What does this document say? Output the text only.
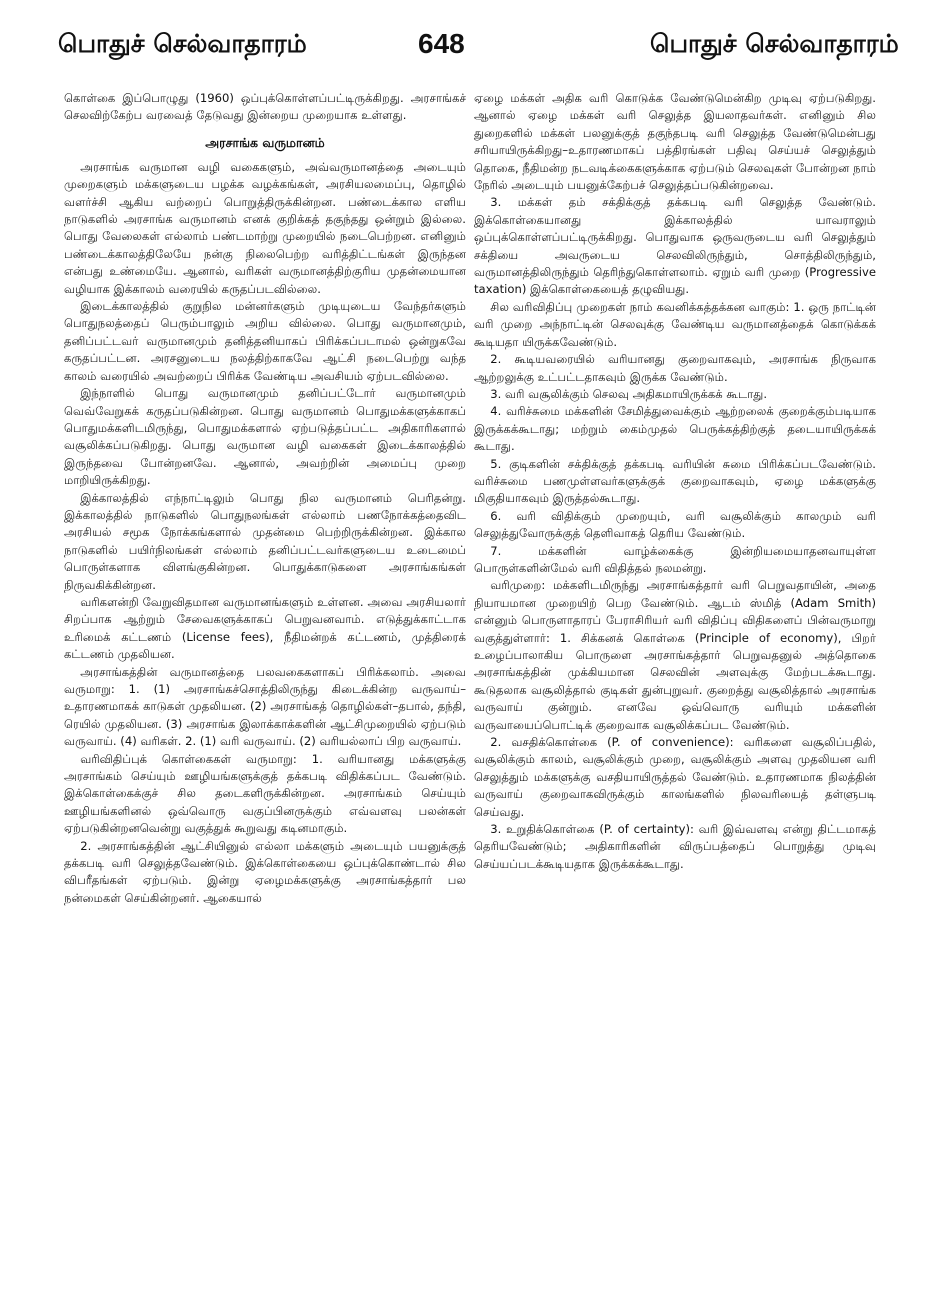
பொதுச் செல்வாதாரம்	648	பொதுச் செல்வாதாரம்

கொள்கை இப்பொழுது (1960) ஒப்புக்கொள்ளப்பட்டிருக்கிறது. அரசாங்கச் செலவிற்கேற்ப வரவைத் தேடுவது இன்றைய முறையாக உள்ளது.

அரசாங்க வருமானம்

அரசாங்க வருமான வழி வகைகளும், அவ்வருமானத்தை அடையும் முறைகளும் மக்களுடைய பழக்க வழக்கங்கள், அரசியலமைப்பு, தொழில் வளர்ச்சி ஆகிய வற்றைப் பொறுத்திருக்கின்றன. பண்டைக்கால எளிய நாடுகளில் அரசாங்க வருமானம் எனக் குறிக்கத் தகுந்தது ஒன்றும் இல்லை. பொது வேலைகள் எல்லாம் பண்டமாற்று முறையில் நடைபெற்றன. எனினும் பண்டைக்காலத்திலேயே நன்கு நிலைபெற்ற வரித்திட்டங்கள் இருந்தன என்பது உண்மையே. ஆனால், வரிகள் வருமானத்திற்குரிய முதன்மையான வழியாக இக்காலம் வரையில் கருதப்படவில்லை.

இடைக்காலத்தில் குறுநில மன்னர்களும் முடியுடைய வேந்தர்களும் பொதுநலத்தைப் பெரும்பாலும் அறிய வில்லை. பொது வருமானமும், தனிப்பட்டவர் வருமானமும் தனித்தனியாகப் பிரிக்கப்படாமல் ஒன்றுகவே கருதப்பட்டன. அரசனுடைய நலத்திற்காகவே ஆட்சி நடைபெற்று வந்த காலம் வரையில் அவற்றைப் பிரிக்க வேண்டிய அவசியம் ஏற்படவில்லை.

இந்நாளில் பொது வருமானமும் தனிப்பட்டோர் வருமானமும் வெவ்வேறுகக் கருதப்படுகின்றன. பொது வருமானம் பொதுமக்களுக்காகப் பொதுமக்களிடமிருந்து, பொதுமக்களால் ஏற்படுத்தப்பட்ட அதிகாரிகளால் வசூலிக்கப்படுகிறது. பொது வருமான வழி வகைகள் இடைக்காலத்தில் இருந்தவை போன்றனவே. ஆனால், அவற்றின் அமைப்பு முறை மாறியிருக்கிறது.

இக்காலத்தில் எந்நாட்டிலும் பொது நில வருமானம் பெரிதன்று. இக்காலத்தில் நாடுகளில் பொதுநலங்கள் எல்லாம் பணநோக்கத்தைவிட அரசியல் சமூக நோக்கங்களால் முதன்மை பெற்றிருக்கின்றன. இக்கால நாடுகளில் பயிர்நிலங்கள் எல்லாம் தனிப்பட்டவர்களுடைய உடைமைப் பொருள்களாக விளங்குகின்றன. பொதுக்காடுகளை அரசாங்கங்கள் நிருவகிக்கின்றன.

வரிகளன்றி வேறுவிதமான வருமானங்களும் உள்ளன. அவை அரசியலார் சிறப்பாக ஆற்றும் சேவைகளுக்காகப் பெறுவனவாம். எடுத்துக்காட்டாக உரிமைக் கட்டணம் (License fees), நீதிமன்றக் கட்டணம், முத்திரைக் கட்டணம் முதலியன.

அரசாங்கத்தின் வருமானத்தை பலவகைகளாகப் பிரிக்கலாம். அவை வருமாறு: 1. (1) அரசாங்கச்சொத்திலிருந்து கிடைக்கின்ற வருவாய்–உதாரணமாகக் காடுகள் முதலியன. (2) அரசாங்கத் தொழில்கள்–தபால், தந்தி, ரெயில் முதலியன. (3) அரசாங்க இலாக்காக்களின் ஆட்சிமுறையில் ஏற்படும் வருவாய். (4) வரிகள். 2. (1) வரி வருவாய். (2) வரியல்லாப் பிற வருவாய்.

வரிவிதிப்புக் கொள்கைகள் வருமாறு: 1. வரியானது மக்களுக்கு அரசாங்கம் செய்யும் ஊழியங்களுக்குத் தக்கபடி விதிக்கப்பட வேண்டும். இக்கொள்கைக்குச் சில தடைகளிருக்கின்றன. அரசாங்கம் செய்யும் ஊழியங்களினல் ஒவ்வொரு வகுப்பினருக்கும் எவ்வளவு பலன்கள் ஏற்படுகின்றனவென்று வகுத்துக் கூறுவது கடினமாகும்.

2. அரசாங்கத்தின் ஆட்சியினுல் எல்லா மக்களும் அடையும் பயனுக்குத் தக்கபடி வரி செலுத்தவேண்டும். இக்கொள்கையை ஒப்புக்கொண்டால் சில விபரீதங்கள் ஏற்படும். இன்று ஏழைமக்களுக்கு அரசாங்கத்தார் பல நன்மைகள் செய்கின்றனர். ஆகையால்

ஏழை மக்கள் அதிக வரி கொடுக்க வேண்டுமென்கிற முடிவு ஏற்படுகிறது. ஆனால் ஏழை மக்கள் வரி செலுத்த இயலாதவர்கள். எனினும் சில துறைகளில் மக்கள் பலனுக்குத் தகுந்தபடி வரி செலுத்த வேண்டுமென்பது சரியாயிருக்கிறது–உதாரணமாகப் பத்திரங்கள் பதிவு செய்யச் செலுத்தும் தொகை, நீதிமன்ற நடவடிக்கைகளுக்காக ஏற்படும் செலவுகள் போன்றன நாம் நேரில் அடையும் பயனுக்கேற்பச் செலுத்தப்படுகின்றவை.

3. மக்கள் தம் சக்திக்குத் தக்கபடி வரி செலுத்த வேண்டும். இக்கொள்கையானது இக்காலத்தில் யாவராலும் ஒப்புக்கொள்ளப்பட்டிருக்கிறது. பொதுவாக ஒருவருடைய வரி செலுத்தும் சக்தியை அவருடைய செலவிலிருந்தும், சொத்திலிருந்தும், வருமானத்திலிருந்தும் தெரிந்துகொள்ளலாம். ஏறும் வரி முறை (Progressive taxation) இக்கொள்கையைத் தழுவியது.

சில வரிவிதிப்பு முறைகள் நாம் கவனிக்கத்தக்கன வாகும்: 1. ஒரு நாட்டின் வரி முறை அந்நாட்டின் செலவுக்கு வேண்டிய வருமானத்தைக் கொடுக்கக் கூடியதா யிருக்கவேண்டும்.

2. கூடியவரையில் வரியானது குறைவாகவும், அரசாங்க நிருவாக ஆற்றலுக்கு உட்பட்டதாகவும் இருக்க வேண்டும்.

3. வரி வசூலிக்கும் செலவு அதிகமாயிருக்கக் கூடாது.

4. வரிச்சுமை மக்களின் சேமித்துவைக்கும் ஆற்றலைக் குறைக்கும்படியாக இருக்கக்கூடாது; மற்றும் கைம்முதல் பெருக்கத்திற்குத் தடையாயிருக்கக் கூடாது.

5. குடிகளின் சக்திக்குத் தக்கபடி வரியின் சுமை பிரிக்கப்படவேண்டும். வரிச்சுமை பணமுள்ளவர்களுக்குக் குறைவாகவும், ஏழை மக்களுக்கு மிகுதியாகவும் இருத்தல்கூடாது.

6. வரி விதிக்கும் முறையும், வரி வசூலிக்கும் காலமும் வரி செலுத்துவோருக்குத் தெளிவாகத் தெரிய வேண்டும்.

7. மக்களின் வாழ்க்கைக்கு இன்றியமையாதனவாயுள்ள பொருள்களின்மேல் வரி விதித்தல் நலமன்று.

வரிமுறை: மக்களிடமிருந்து அரசாங்கத்தார் வரி பெறுவதாயின், அதை நியாயமான முறையிற் பெற வேண்டும். ஆடம் ஸ்மித் (Adam Smith) என்னும் பொருளாதாரப் பேராசிரியர் வரி விதிப்பு விதிகளைப் பின்வருமாறு வகுத்துள்ளார்: 1. சிக்கனக் கொள்கை (Principle of economy), பிறர் உழைப்பாலாகிய பொருளை அரசாங்கத்தார் பெறுவதனுல் அத்தொகை அரசாங்கத்தின் முக்கியமான செலவின் அளவுக்கு மேற்படக்கூடாது. கூடுதலாக வசூலித்தால் குடிகள் துன்புறுவர். குறைத்து வசூலித்தால் அரசாங்க வருவாய் குன்றும். எனவே ஒவ்வொரு வரியும் மக்களின் வருவாயைப்பொட்டிக் குறைவாக வசூலிக்கப்பட வேண்டும்.

2. வசதிக்கொள்கை (P. of convenience): வரிகளை வசூலிப்பதில், வசூலிக்கும் காலம், வசூலிக்கும் முறை, வசூலிக்கும் அளவு முதலியன வரி செலுத்தும் மக்களுக்கு வசதியாயிருத்தல் வேண்டும். உதாரணமாக நிலத்தின் வருவாய் குறைவாகவிருக்கும் காலங்களில் நிலவரியைத் தள்ளுபடி செய்வது.

3. உறுதிக்கொள்கை (P. of certainty): வரி இவ்வளவு என்று திட்டமாகத் தெரியவேண்டும்; அதிகாரிகளின் விருப்பத்தைப் பொறுத்து முடிவு செய்யப்படக்கூடியதாக இருக்கக்கூடாது.
